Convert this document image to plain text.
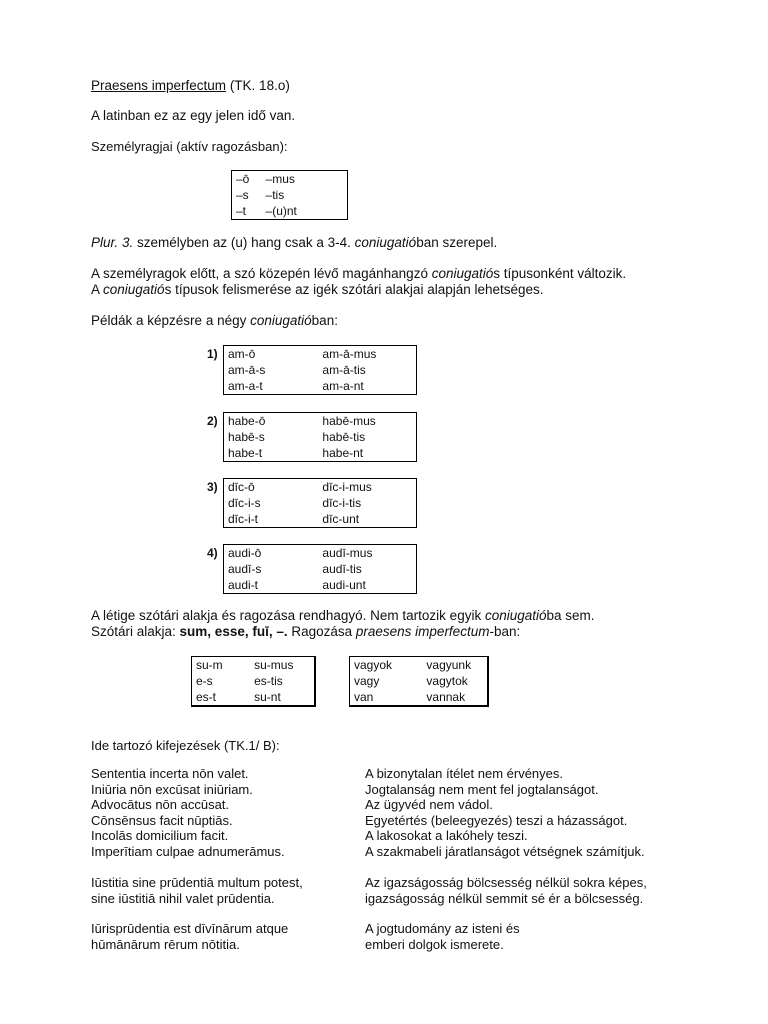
Praesens imperfectum (TK. 18.o)
A latinban ez az egy jelen idő van.
Személyragjai (aktív ragozásban):
–ō	–mus
–s	–tis
–t	–(u)nt
Plur. 3. személyben az (u) hang csak a 3-4. coniugatióban szerepel.
A személyragok előtt, a szó közepén lévő magánhangzó coniugatiós típusonként változik.
A coniugatiós típusok felismerése az igék szótári alakjai alapján lehetséges.
Példák a képzésre a négy coniugatióban:
1) am-ō	am-ā-mus
am-ā-s	am-ā-tis
am-a-t	am-a-nt
2) habe-ō	habē-mus
habē-s	habē-tis
habe-t	habe-nt
3) dīc-ō	dīc-i-mus
dīc-i-s	dīc-i-tis
dīc-i-t	dīc-unt
4) audi-ō	audī-mus
audī-s	audī-tis
audi-t	audi-unt
A létige szótári alakja és ragozása rendhagyó. Nem tartozik egyik coniugatióba sem.
Szótári alakja: sum, esse, fuī, –. Ragozása praesens imperfectum-ban:
su-m	su-mus
e-s	es-tis
es-t	su-nt
vagyok	vagyunk
vagy	vagytok
van	vannak
Ide tartozó kifejezések (TK.1/ B):
Sententia incerta nōn valet.	A bizonytalan ítélet nem érvényes.
Iniūria nōn excūsat iniūriam.	Jogtalanság nem ment fel jogtalanságot.
Advocātus nōn accūsat.	Az ügyvéd nem vádol.
Cōnsēnsus facit nūptiās.	Egyetértés (beleegyezés) teszi a házasságot.
Incolās domicilium facit.	A lakosokat a lakóhely teszi.
Imperītiam culpae adnumerāmus.	A szakmabeli járatlanságot vétségnek számítjuk.
Iūstitia sine prūdentiā multum potest,	Az igazságosság bölcsesség nélkül sokra képes,
sine iūstitiā nihil valet prūdentia.	igazságosság nélkül semmit sé ér a bölcsesség.
Iūrisprūdentia est dīvīnārum atque	A jogtudomány az isteni és
hūmānārum rērum nōtitia.	emberi dolgok ismerete.
